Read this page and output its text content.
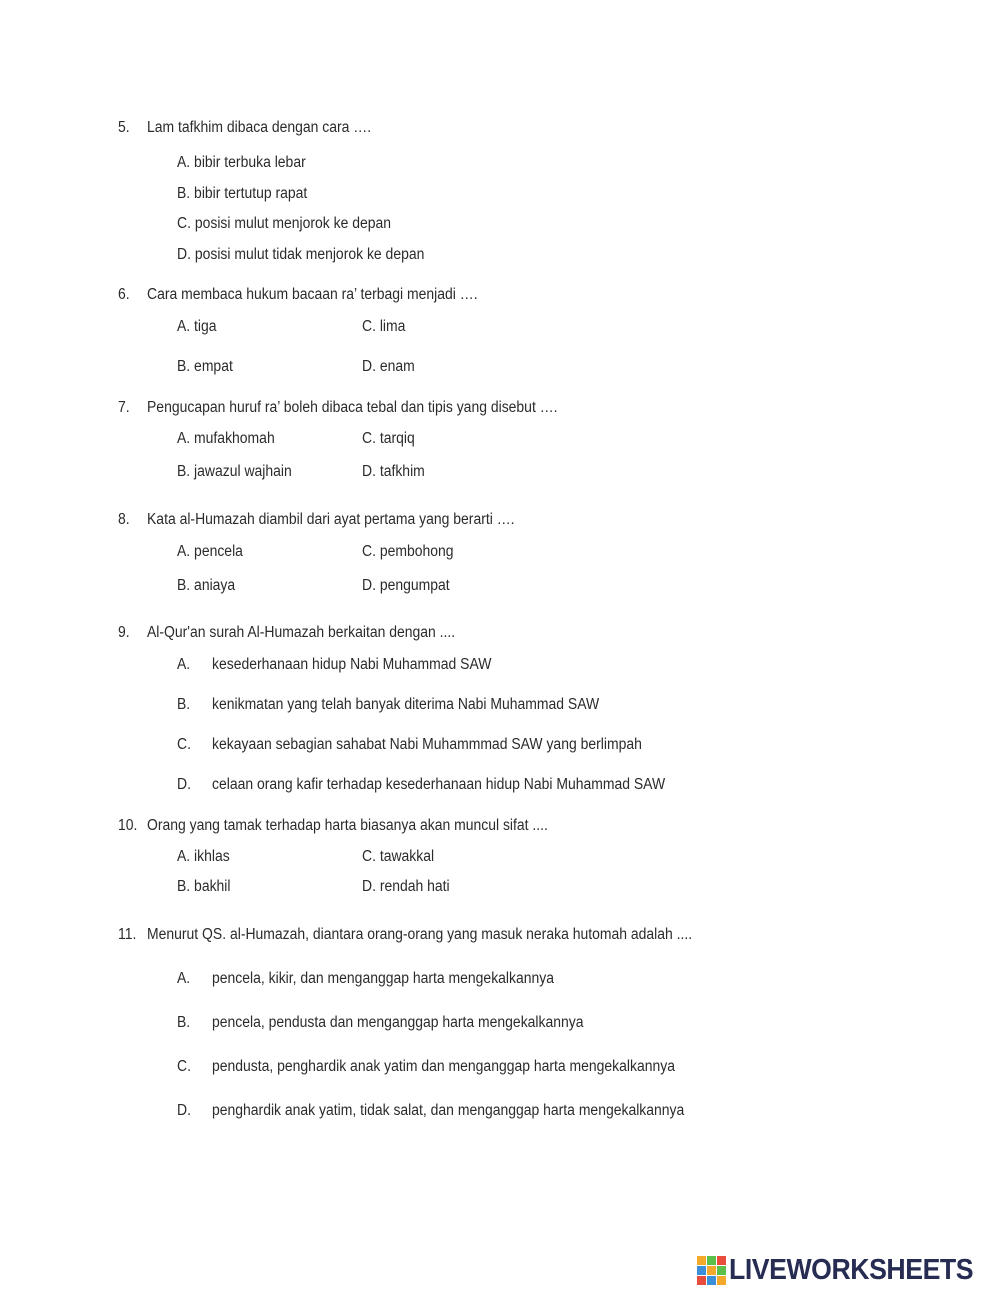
5. Lam tafkhim dibaca dengan cara ….
A. bibir terbuka lebar
B. bibir tertutup rapat
C. posisi mulut menjorok ke depan
D. posisi mulut tidak menjorok ke depan
6. Cara membaca hukum bacaan ra’ terbagi menjadi ….
A. tiga	C. lima
B. empat	D. enam
7. Pengucapan huruf ra’ boleh dibaca tebal dan tipis yang disebut ….
A. mufakhomah	C. tarqiq
B. jawazul wajhain	D. tafkhim
8. Kata al-Humazah diambil dari ayat pertama yang berarti ….
A. pencela	C. pembohong
B. aniaya	D. pengumpat
9. Al-Qur'an surah Al-Humazah berkaitan dengan ....
A. kesederhanaan hidup Nabi Muhammad SAW
B. kenikmatan yang telah banyak diterima Nabi Muhammad SAW
C. kekayaan sebagian sahabat Nabi Muhammmad SAW yang berlimpah
D. celaan orang kafir terhadap kesederhanaan hidup Nabi Muhammad SAW
10. Orang yang tamak terhadap harta biasanya akan muncul sifat ....
A. ikhlas	C. tawakkal
B. bakhil	D. rendah hati
11. Menurut QS. al-Humazah, diantara orang-orang yang masuk neraka hutomah adalah ....
A. pencela, kikir, dan menganggap harta mengekalkannya
B. pencela, pendusta dan menganggap harta mengekalkannya
C. pendusta, penghardik anak yatim dan menganggap harta mengekalkannya
D. penghardik anak yatim, tidak salat, dan menganggap harta mengekalkannya
LIVEWORKSHEETS
